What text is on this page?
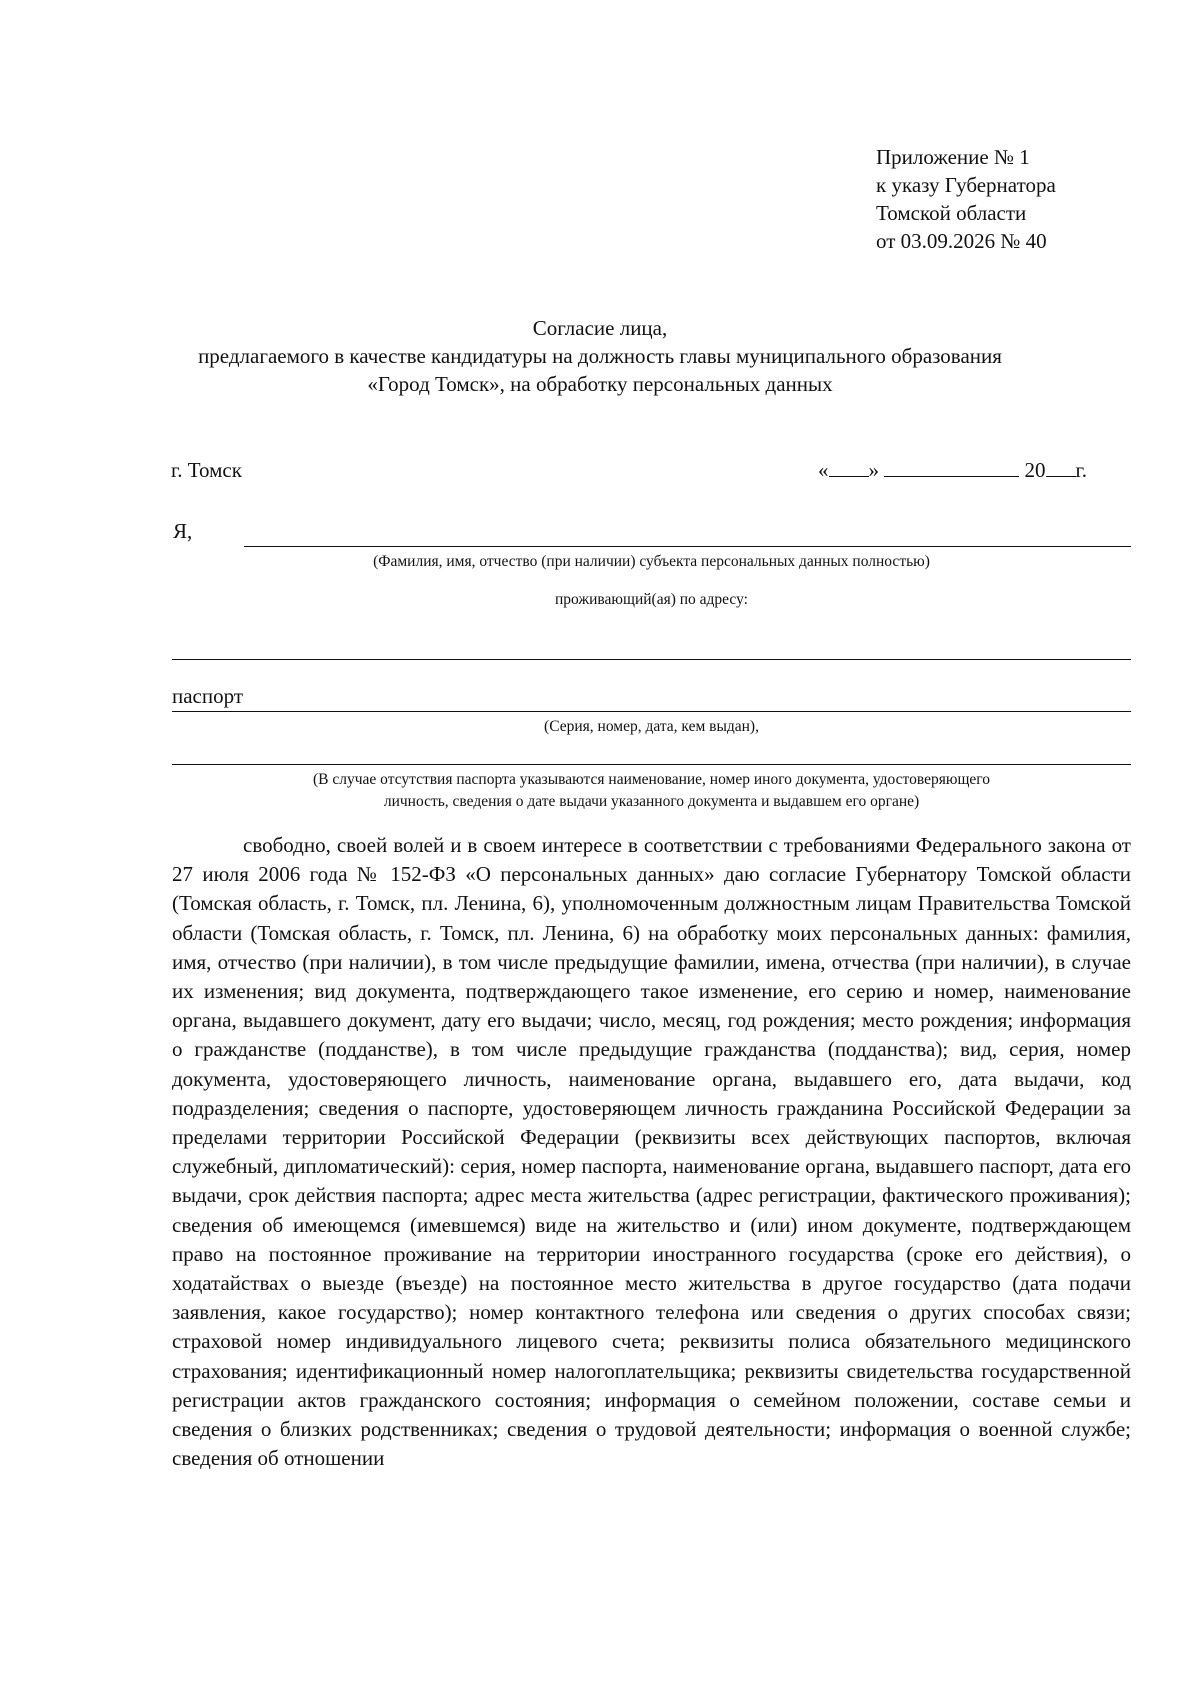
Приложение № 1
к указу Губернатора
Томской области
от 03.09.2026 № 40
Согласие лица,
предлагаемого в качестве кандидатуры на должность главы муниципального образования
«Город Томск», на обработку персональных данных
г. Томск	« »	20 г.
Я,
(Фамилия, имя, отчество (при наличии) субъекта персональных данных полностью)
проживающий(ая) по адресу:
паспорт
(Серия, номер, дата, кем выдан),
(В случае отсутствия паспорта указываются наименование, номер иного документа, удостоверяющего
личность, сведения о дате выдачи указанного документа и выдавшем его органе)
свободно, своей волей и в своем интересе в соответствии с требованиями Федерального закона от 27 июля 2006 года № 152-ФЗ «О персональных данных» даю согласие Губернатору Томской области (Томская область, г. Томск, пл. Ленина, 6), уполномоченным должностным лицам Правительства Томской области (Томская область, г. Томск, пл. Ленина, 6) на обработку моих персональных данных: фамилия, имя, отчество (при наличии), в том числе предыдущие фамилии, имена, отчества (при наличии), в случае их изменения; вид документа, подтверждающего такое изменение, его серию и номер, наименование органа, выдавшего документ, дату его выдачи; число, месяц, год рождения; место рождения; информация о гражданстве (подданстве), в том числе предыдущие гражданства (подданства); вид, серия, номер документа, удостоверяющего личность, наименование органа, выдавшего его, дата выдачи, код подразделения; сведения о паспорте, удостоверяющем личность гражданина Российской Федерации за пределами территории Российской Федерации (реквизиты всех действующих паспортов, включая служебный, дипломатический): серия, номер паспорта, наименование органа, выдавшего паспорт, дата его выдачи, срок действия паспорта; адрес места жительства (адрес регистрации, фактического проживания); сведения об имеющемся (имевшемся) виде на жительство и (или) ином документе, подтверждающем право на постоянное проживание на территории иностранного государства (сроке его действия), о ходатайствах о выезде (въезде) на постоянное место жительства в другое государство (дата подачи заявления, какое государство); номер контактного телефона или сведения о других способах связи; страховой номер индивидуального лицевого счета; реквизиты полиса обязательного медицинского страхования; идентификационный номер налогоплательщика; реквизиты свидетельства государственной регистрации актов гражданского состояния; информация о семейном положении, составе семьи и сведения о близких родственниках; сведения о трудовой деятельности; информация о военной службе; сведения об отношении
